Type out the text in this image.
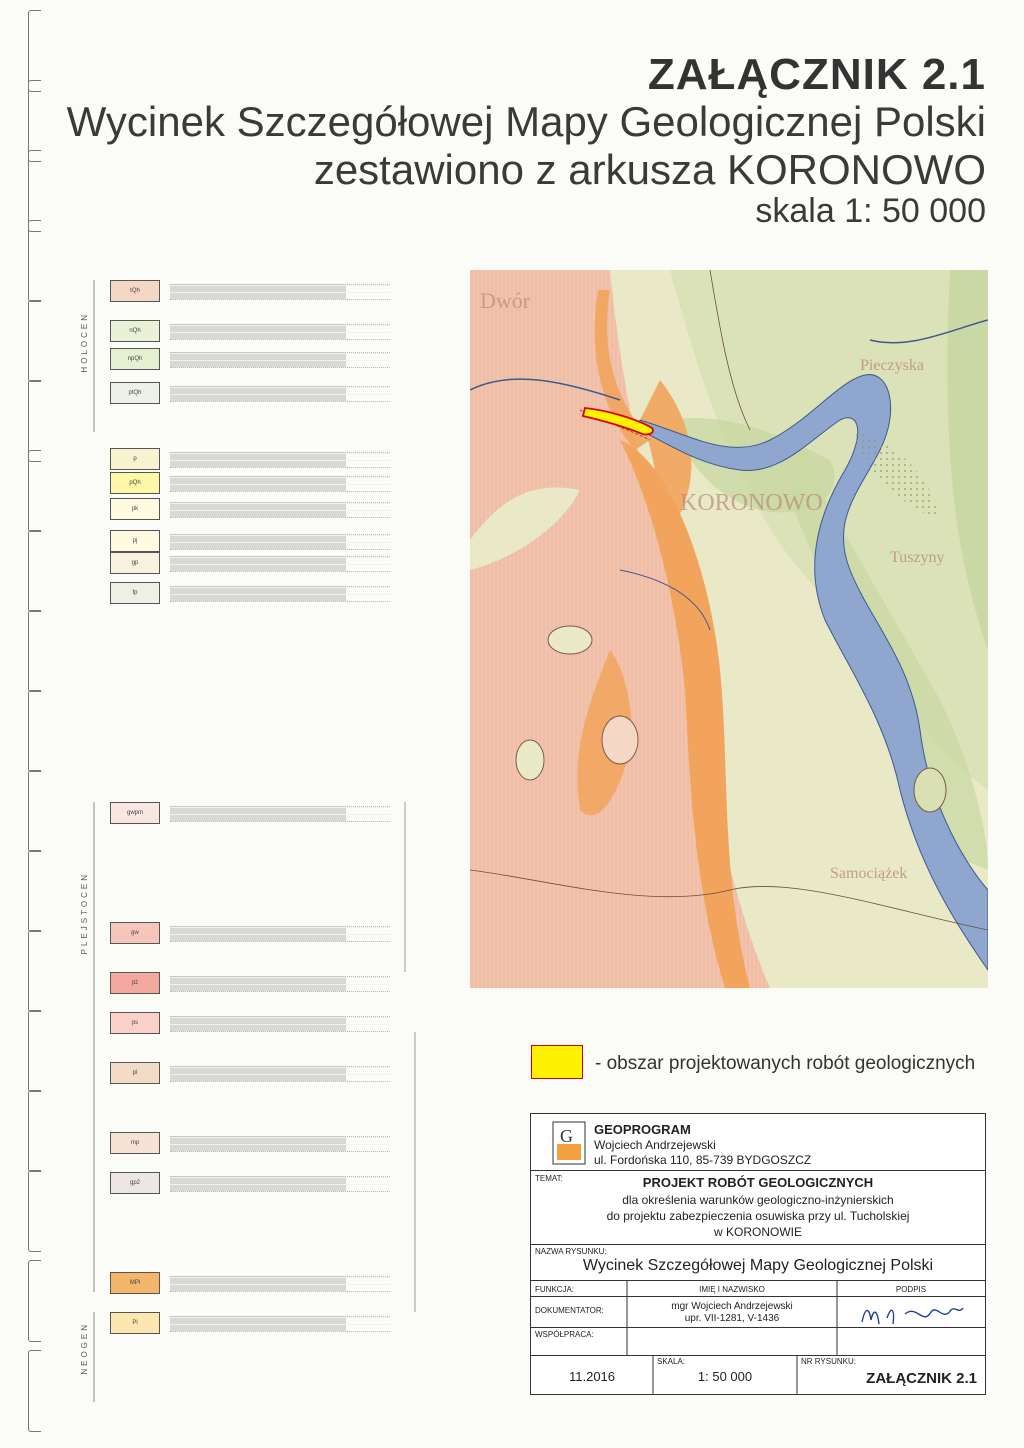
ZAŁĄCZNIK 2.1
Wycinek Szczegółowej Mapy Geologicznej Polski
zestawiono z arkusza KORONOWO
skala 1: 50 000
HOLOCEN
PLEJSTOCEN
NEOGEN
tQh
nQh
npQh
ptQh
p
pQh
pk
pj
gp
fp
gwpm
gw
pż
ps
pl
mp
gp2
MPl
Pl
KORONOWO
Dwór
Pieczyska
Tuszyny
Samociążek
- obszar projektowanych robót geologicznych
G GEOPROGRAM
Wojciech Andrzejewski
ul. Fordońska 110, 85-739 BYDGOSZCZ
TEMAT:	PROJEKT ROBÓT GEOLOGICZNYCH
dla określenia warunków geologiczno-inżynierskich
do projektu zabezpieczenia osuwiska przy ul. Tucholskiej
w KORONOWIE
NAZWA RYSUNKU:
Wycinek Szczegółowej Mapy Geologicznej Polski
FUNKCJA:	IMIĘ I NAZWISKO	PODPIS
DOKUMENTATOR:	mgr Wojciech Andrzejewski
upr. VII-1281, V-1436
WSPÓŁPRACA:
11.2016
SKALA:
1: 50 000
NR RYSUNKU:
ZAŁĄCZNIK 2.1
